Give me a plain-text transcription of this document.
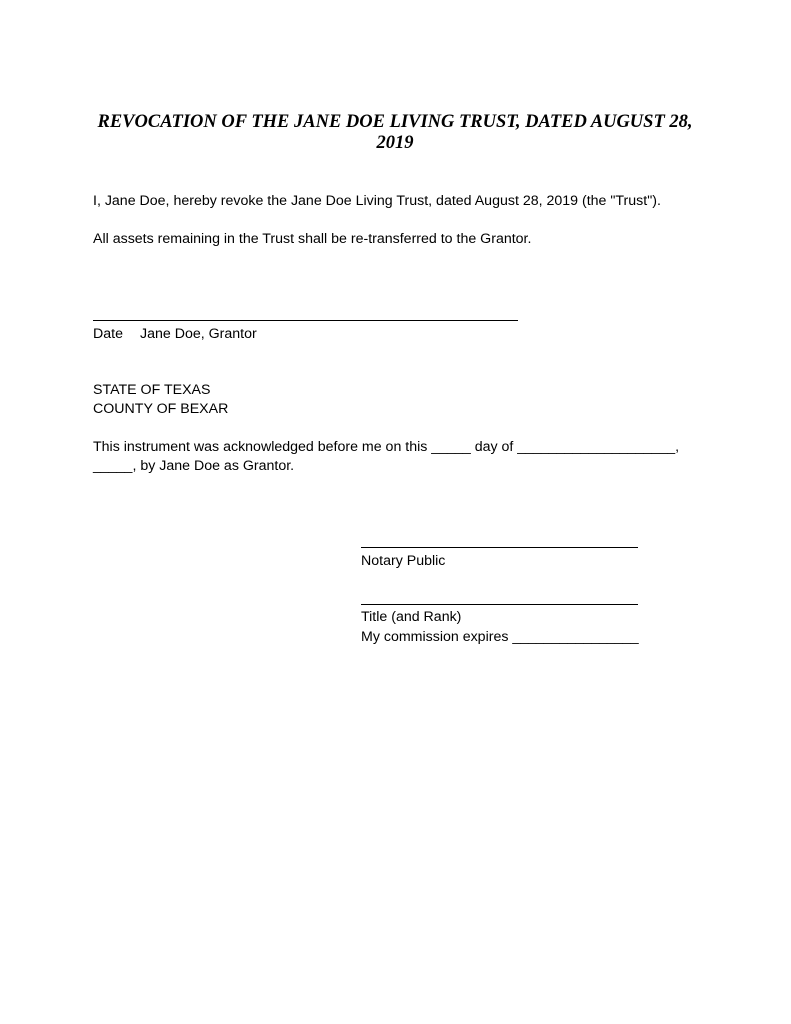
REVOCATION OF THE JANE DOE LIVING TRUST, DATED AUGUST 28, 2019
I, Jane Doe, hereby revoke the Jane Doe Living Trust, dated August 28, 2019 (the "Trust").
All assets remaining in the Trust shall be re-transferred to the Grantor.
Date Jane Doe, Grantor
STATE OF TEXAS
COUNTY OF BEXAR
This instrument was acknowledged before me on this _____ day of ____________________,
_____, by Jane Doe as Grantor.
Notary Public
Title (and Rank)
My commission expires ________________
